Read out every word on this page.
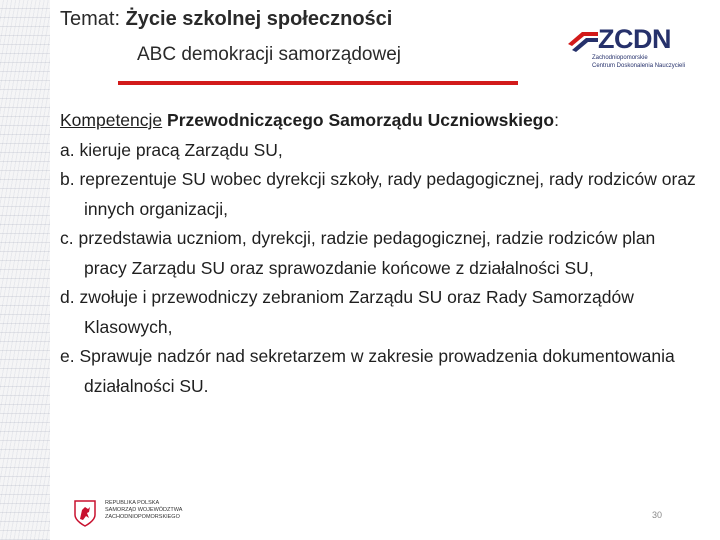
Temat: Życie szkolnej społeczności
ABC demokracji samorządowej
ZCDN
Zachodniopomorskie
Centrum Doskonalenia Nauczycieli

Kompetencje Przewodniczącego Samorządu Uczniowskiego:

a. kieruje pracą Zarządu SU,

b. reprezentuje SU wobec dyrekcji szkoły, rady pedagogicznej, rady rodziców oraz innych organizacji,

c. przedstawia uczniom, dyrekcji, radzie pedagogicznej, radzie rodziców plan pracy Zarządu SU oraz sprawozdanie końcowe z działalności SU,

d. zwołuje i przewodniczy zebraniom Zarządu SU oraz Rady Samorządów Klasowych,

e. Sprawuje nadzór nad sekretarzem w zakresie prowadzenia dokumentowania działalności SU.

REPUBLIKA POLSKA
SAMORZĄD WOJEWÓDZTWA
ZACHODNIOPOMORSKIEGO	30
